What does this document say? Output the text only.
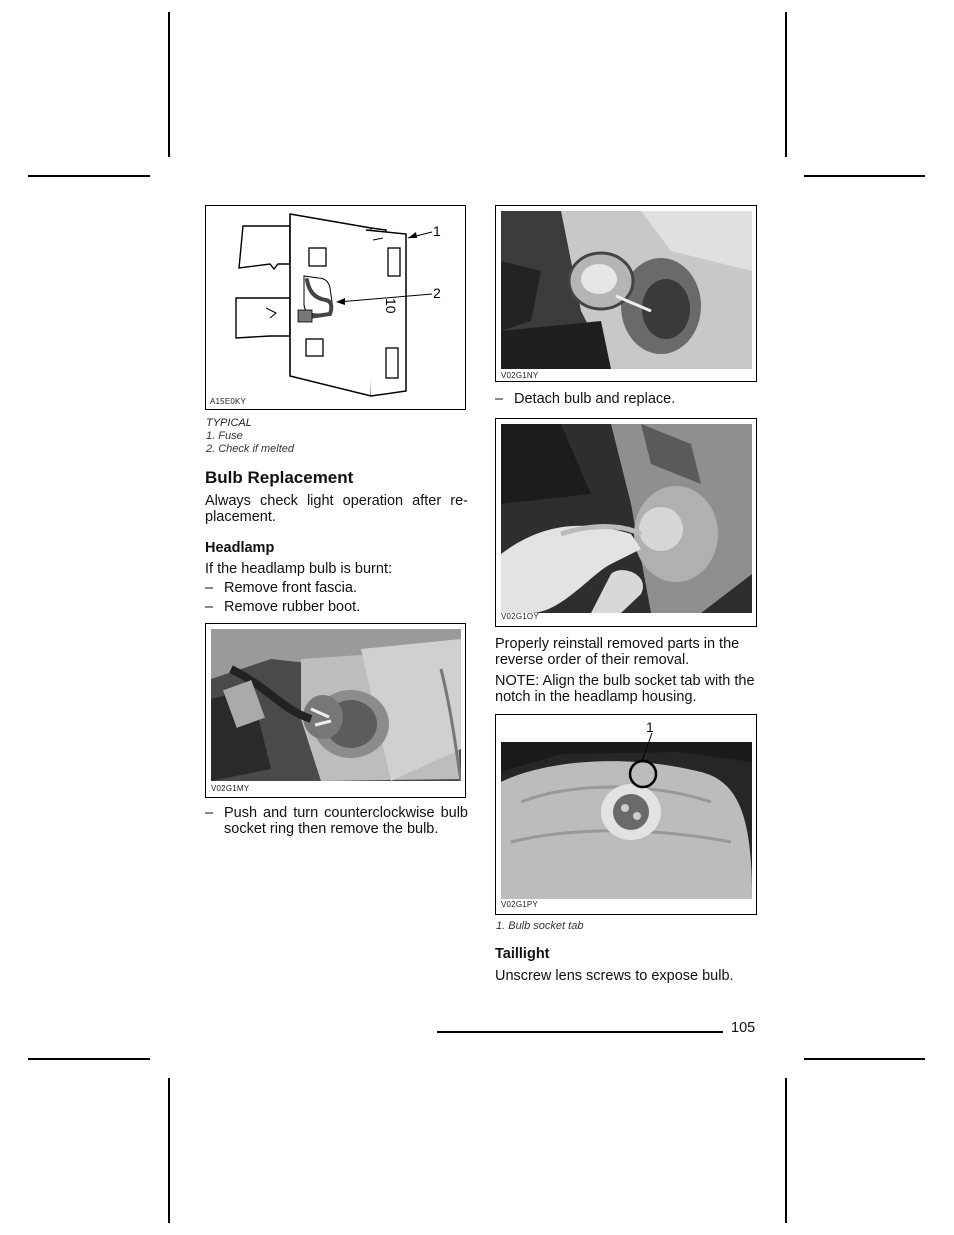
10
1
2
A15E0KY
TYPICAL
1. Fuse
2. Check if melted
Bulb Replacement
Always check light operation after re-placement.
Headlamp
If the headlamp bulb is burnt:
– Remove front fascia.
– Remove rubber boot.
V02G1MY
– Push and turn counterclockwise bulb socket ring then remove the bulb.
V02G1NY
– Detach bulb and replace.
V02G1OY
Properly reinstall removed parts in the reverse order of their removal.
NOTE: Align the bulb socket tab with the notch in the headlamp housing.
1
V02G1PY
1. Bulb socket tab
Taillight
Unscrew lens screws to expose bulb.
105
